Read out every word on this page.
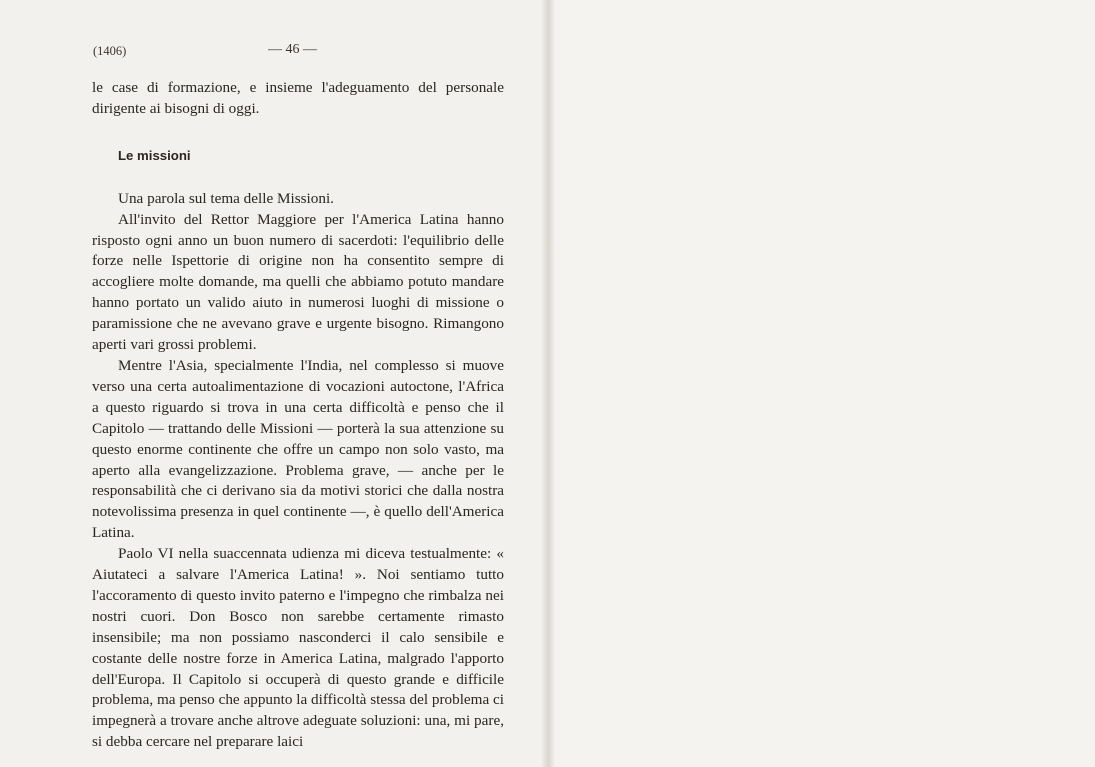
(1406)	— 46 —

le case di formazione, e insieme l'adeguamento del personale dirigente ai bisogni di oggi.

Le missioni

Una parola sul tema delle Missioni.

All'invito del Rettor Maggiore per l'America Latina hanno risposto ogni anno un buon numero di sacerdoti: l'equilibrio delle forze nelle Ispettorie di origine non ha consentito sempre di accogliere molte domande, ma quelli che abbiamo potuto mandare hanno portato un valido aiuto in numerosi luoghi di missione o paramissione che ne avevano grave e urgente bisogno. Rimangono aperti vari grossi problemi.

Mentre l'Asia, specialmente l'India, nel complesso si muove verso una certa autoalimentazione di vocazioni autoctone, l'Africa a questo riguardo si trova in una certa difficoltà e penso che il Capitolo — trattando delle Missioni — porterà la sua attenzione su questo enorme continente che offre un campo non solo vasto, ma aperto alla evangelizzazione. Problema grave, — anche per le responsabilità che ci derivano sia da motivi storici che dalla nostra notevolissima presenza in quel continente —, è quello dell'America Latina.

Paolo VI nella suaccennata udienza mi diceva testualmente: « Aiutateci a salvare l'America Latina! ». Noi sentiamo tutto l'accoramento di questo invito paterno e l'impegno che rimbalza nei nostri cuori. Don Bosco non sarebbe certamente rimasto insensibile; ma non possiamo nasconderci il calo sensibile e costante delle nostre forze in America Latina, malgrado l'apporto dell'Europa. Il Capitolo si occuperà di questo grande e difficile problema, ma penso che appunto la difficoltà stessa del problema ci impegnerà a trovare anche altrove adeguate soluzioni: una, mi pare, si debba cercare nel preparare laici
